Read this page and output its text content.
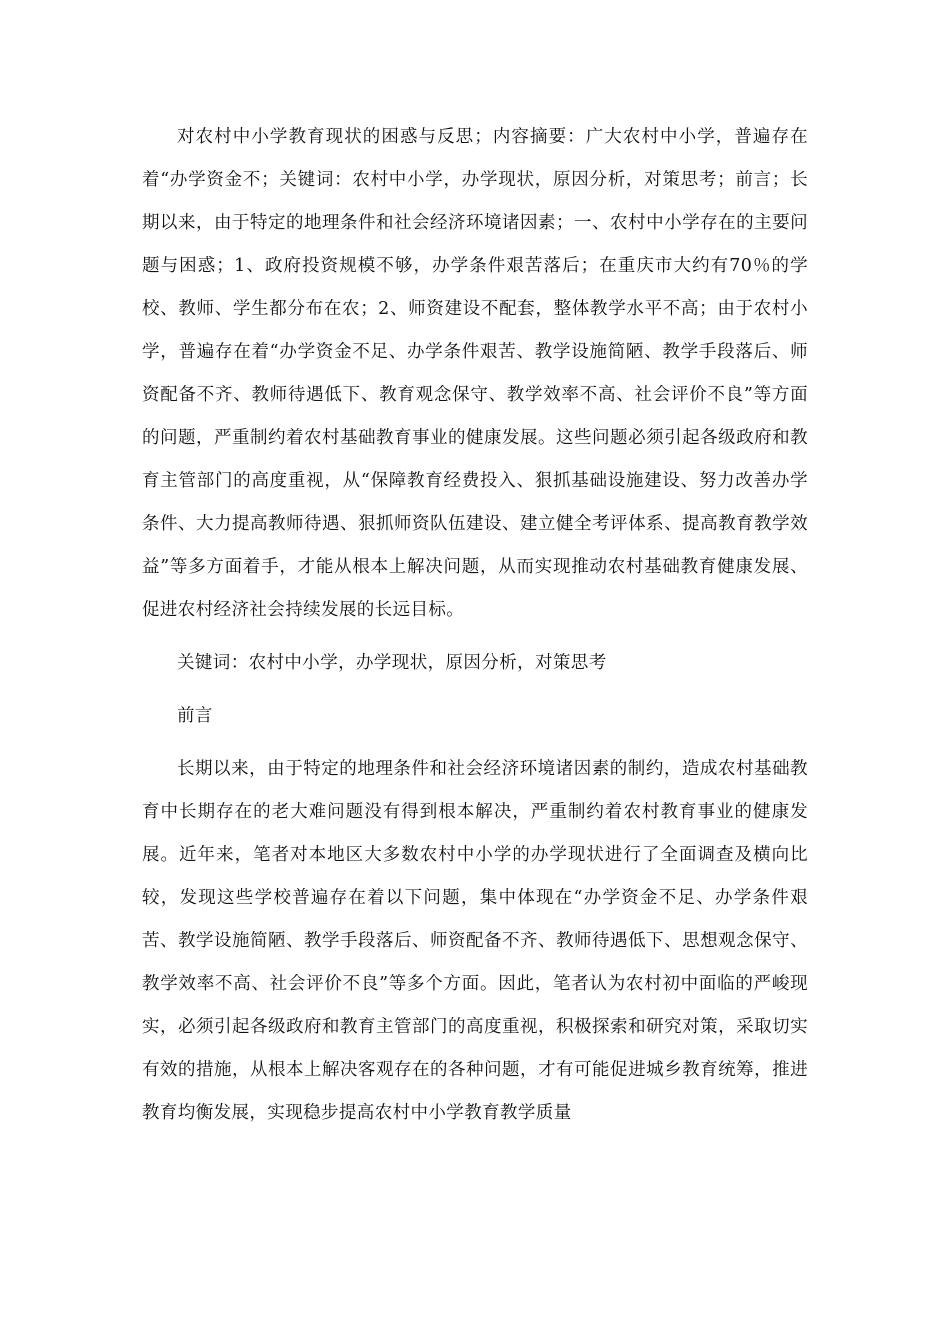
对农村中小学教育现状的困惑与反思；内容摘要：广大农村中小学，普遍存在着“办学资金不；关键词：农村中小学，办学现状，原因分析，对策思考；前言；长期以来，由于特定的地理条件和社会经济环境诸因素；一、农村中小学存在的主要问题与困惑；1、政府投资规模不够，办学条件艰苦落后；在重庆市大约有70％的学校、教师、学生都分布在农；2、师资建设不配套，整体教学水平不高；由于农村小学，普遍存在着“办学资金不足、办学条件艰苦、教学设施简陋、教学手段落后、师资配备不齐、教师待遇低下、教育观念保守、教学效率不高、社会评价不良”等方面的问题，严重制约着农村基础教育事业的健康发展。这些问题必须引起各级政府和教育主管部门的高度重视，从“保障教育经费投入、狠抓基础设施建设、努力改善办学条件、大力提高教师待遇、狠抓师资队伍建设、建立健全考评体系、提高教育教学效益”等多方面着手，才能从根本上解决问题，从而实现推动农村基础教育健康发展、促进农村经济社会持续发展的长远目标。

关键词：农村中小学，办学现状，原因分析，对策思考

前言

长期以来，由于特定的地理条件和社会经济环境诸因素的制约，造成农村基础教育中长期存在的老大难问题没有得到根本解决，严重制约着农村教育事业的健康发展。近年来，笔者对本地区大多数农村中小学的办学现状进行了全面调查及横向比较，发现这些学校普遍存在着以下问题，集中体现在“办学资金不足、办学条件艰苦、教学设施简陋、教学手段落后、师资配备不齐、教师待遇低下、思想观念保守、教学效率不高、社会评价不良”等多个方面。因此，笔者认为农村初中面临的严峻现实，必须引起各级政府和教育主管部门的高度重视，积极探索和研究对策，采取切实有效的措施，从根本上解决客观存在的各种问题，才有可能促进城乡教育统筹，推进教育均衡发展，实现稳步提高农村中小学教育教学质量
